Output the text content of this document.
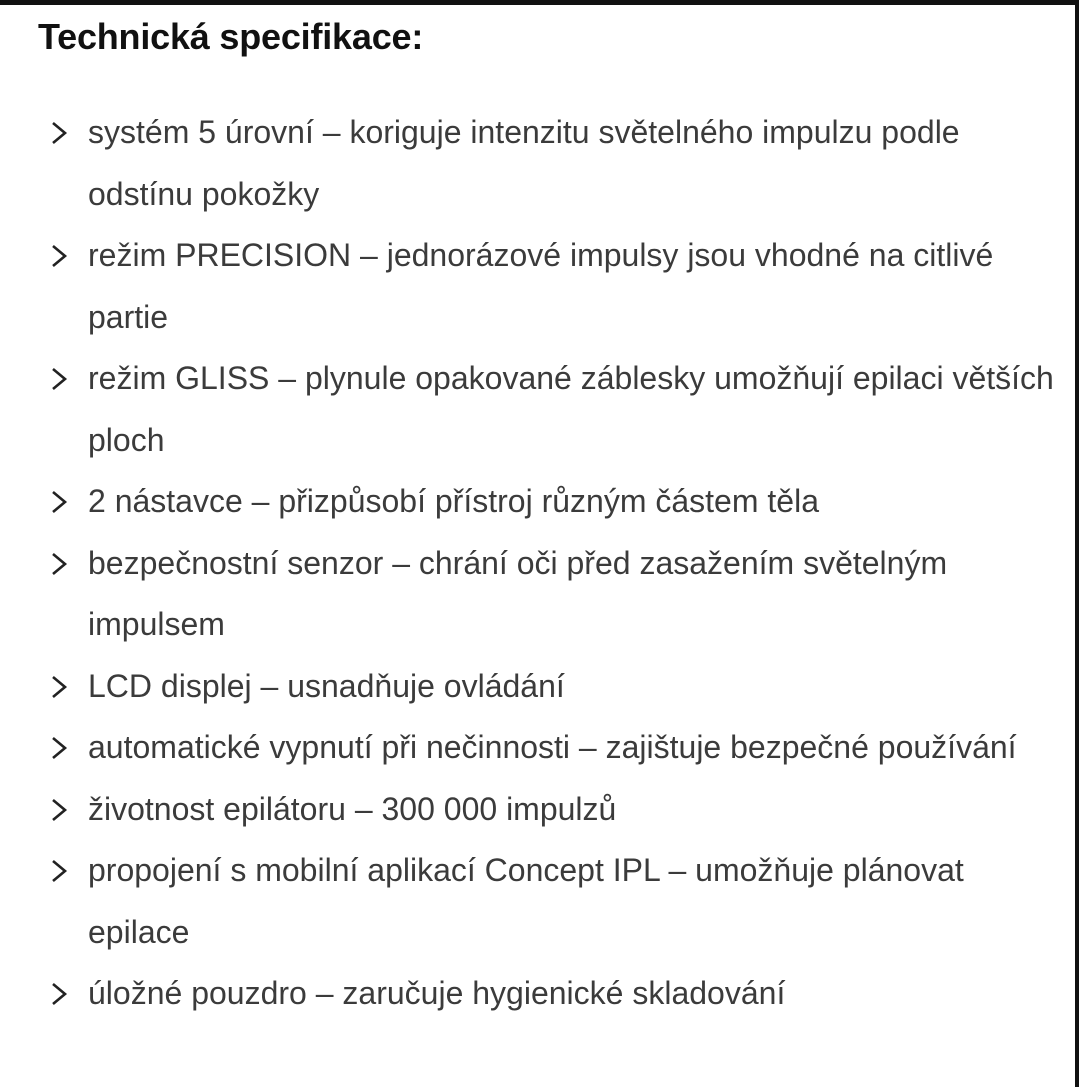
Technická specifikace:
systém 5 úrovní – koriguje intenzitu světelného impulzu podle odstínu pokožky
režim PRECISION – jednorázové impulsy jsou vhodné na citlivé partie
režim GLISS – plynule opakované záblesky umožňují epilaci větších ploch
2 nástavce – přizpůsobí přístroj různým částem těla
bezpečnostní senzor – chrání oči před zasažením světelným impulsem
LCD displej – usnadňuje ovládání
automatické vypnutí při nečinnosti – zajištuje bezpečné používání
životnost epilátoru – 300 000 impulzů
propojení s mobilní aplikací Concept IPL – umožňuje plánovat epilace
úložné pouzdro – zaručuje hygienické skladování
